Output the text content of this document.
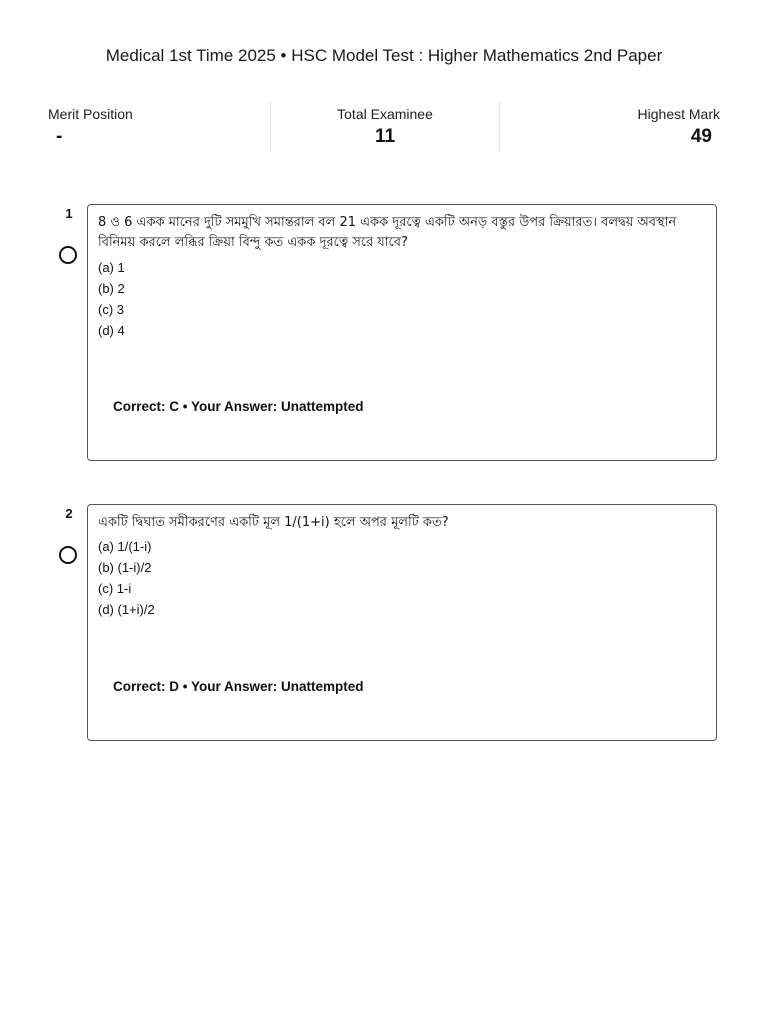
Medical 1st Time 2025 • HSC Model Test : Higher Mathematics 2nd Paper
Merit Position
-
Total Examinee
11
Highest Mark
49
1
8 ও 6 একক মানের দুটি সমমুখি সমান্তরাল বল 21 একক দূরত্বে একটি অনড় বস্তুর উপর ক্রিয়ারত। বলদ্বয় অবস্থান বিনিময় করলে লব্ধির ক্রিয়া বিন্দু কত একক দূরত্বে সরে যাবে?
(a) 1
(b) 2
(c) 3
(d) 4
Correct: C • Your Answer: Unattempted
2
একটি দ্বিঘাত সমীকরণের একটি মূল 1/(1+i) হলে অপর মূলটি কত?
(a) 1/(1-i)
(b) (1-i)/2
(c) 1-i
(d) (1+i)/2
Correct: D • Your Answer: Unattempted
